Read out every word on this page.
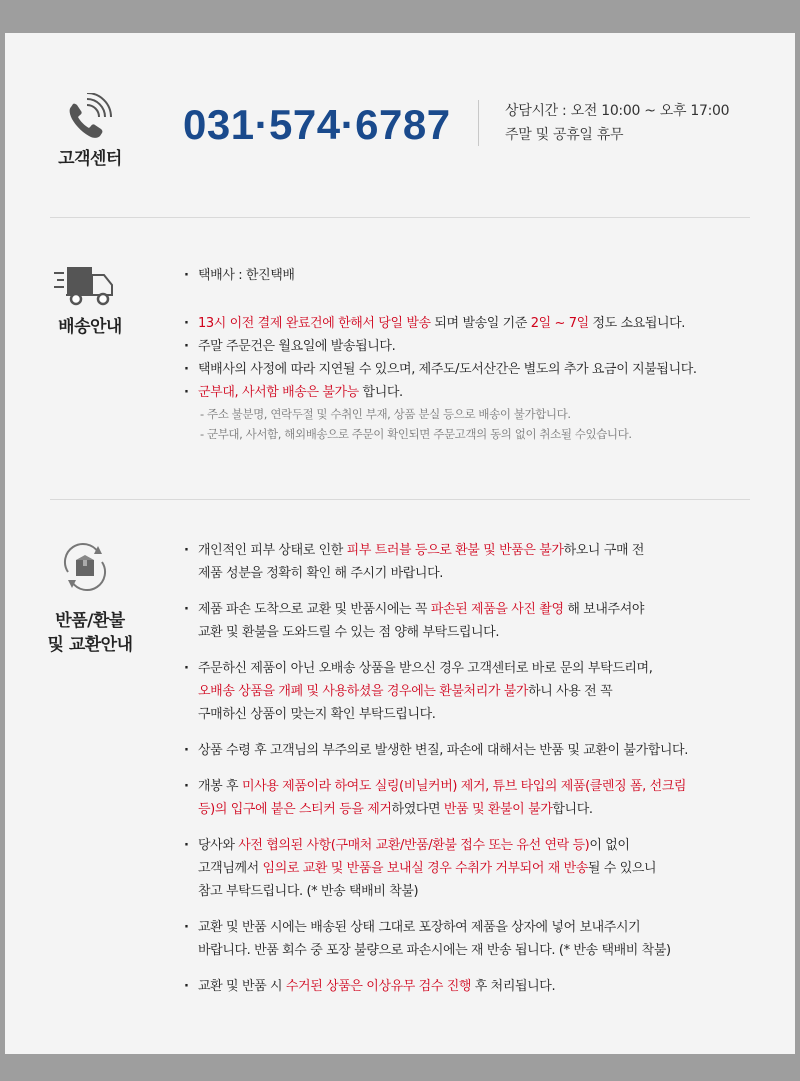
고객센터
031·574·6787	상담시간 : 오전 10:00 ~ 오후 17:00
주말 및 공휴일 휴무
배송안내
· 택배사 : 한진택배
· 13시 이전 결제 완료건에 한해서 당일 발송 되며 발송일 기준 2일 ~ 7일 정도 소요됩니다.
· 주말 주문건은 월요일에 발송됩니다.
· 택배사의 사정에 따라 지연될 수 있으며, 제주도/도서산간은 별도의 추가 요금이 지불됩니다.
· 군부대, 사서함 배송은 불가능 합니다.
- 주소 불분명, 연락두절 및 수취인 부재, 상품 분실 등으로 배송이 불가합니다.
- 군부대, 사서함, 해외배송으로 주문이 확인되면 주문고객의 동의 없이 취소될 수있습니다.
반품/환불
및 교환안내
· 개인적인 피부 상태로 인한 피부 트러블 등으로 환불 및 반품은 불가하오니 구매 전
제품 성분을 정확히 확인 해 주시기 바랍니다.
· 제품 파손 도착으로 교환 및 반품시에는 꼭 파손된 제품을 사진 촬영 해 보내주셔야
교환 및 환불을 도와드릴 수 있는 점 양해 부탁드립니다.
· 주문하신 제품이 아닌 오배송 상품을 받으신 경우 고객센터로 바로 문의 부탁드리며,
오배송 상품을 개폐 및 사용하셨을 경우에는 환불처리가 불가하니 사용 전 꼭
구매하신 상품이 맞는지 확인 부탁드립니다.
· 상품 수령 후 고객님의 부주의로 발생한 변질, 파손에 대해서는 반품 및 교환이 불가합니다.
· 개봉 후 미사용 제품이라 하여도 실링(비닐커버) 제거, 튜브 타입의 제품(클렌징 폼, 선크림
등)의 입구에 붙은 스티커 등을 제거하였다면 반품 및 환불이 불가합니다.
· 당사와 사전 협의된 사항(구매처 교환/반품/환불 접수 또는 유선 연락 등)이 없이
고객님께서 임의로 교환 및 반품을 보내실 경우 수취가 거부되어 재 반송될 수 있으니
참고 부탁드립니다. (* 반송 택배비 착불)
· 교환 및 반품 시에는 배송된 상태 그대로 포장하여 제품을 상자에 넣어 보내주시기
바랍니다. 반품 회수 중 포장 불량으로 파손시에는 재 반송 됩니다. (* 반송 택배비 착불)
· 교환 및 반품 시 수거된 상품은 이상유무 검수 진행 후 처리됩니다.
